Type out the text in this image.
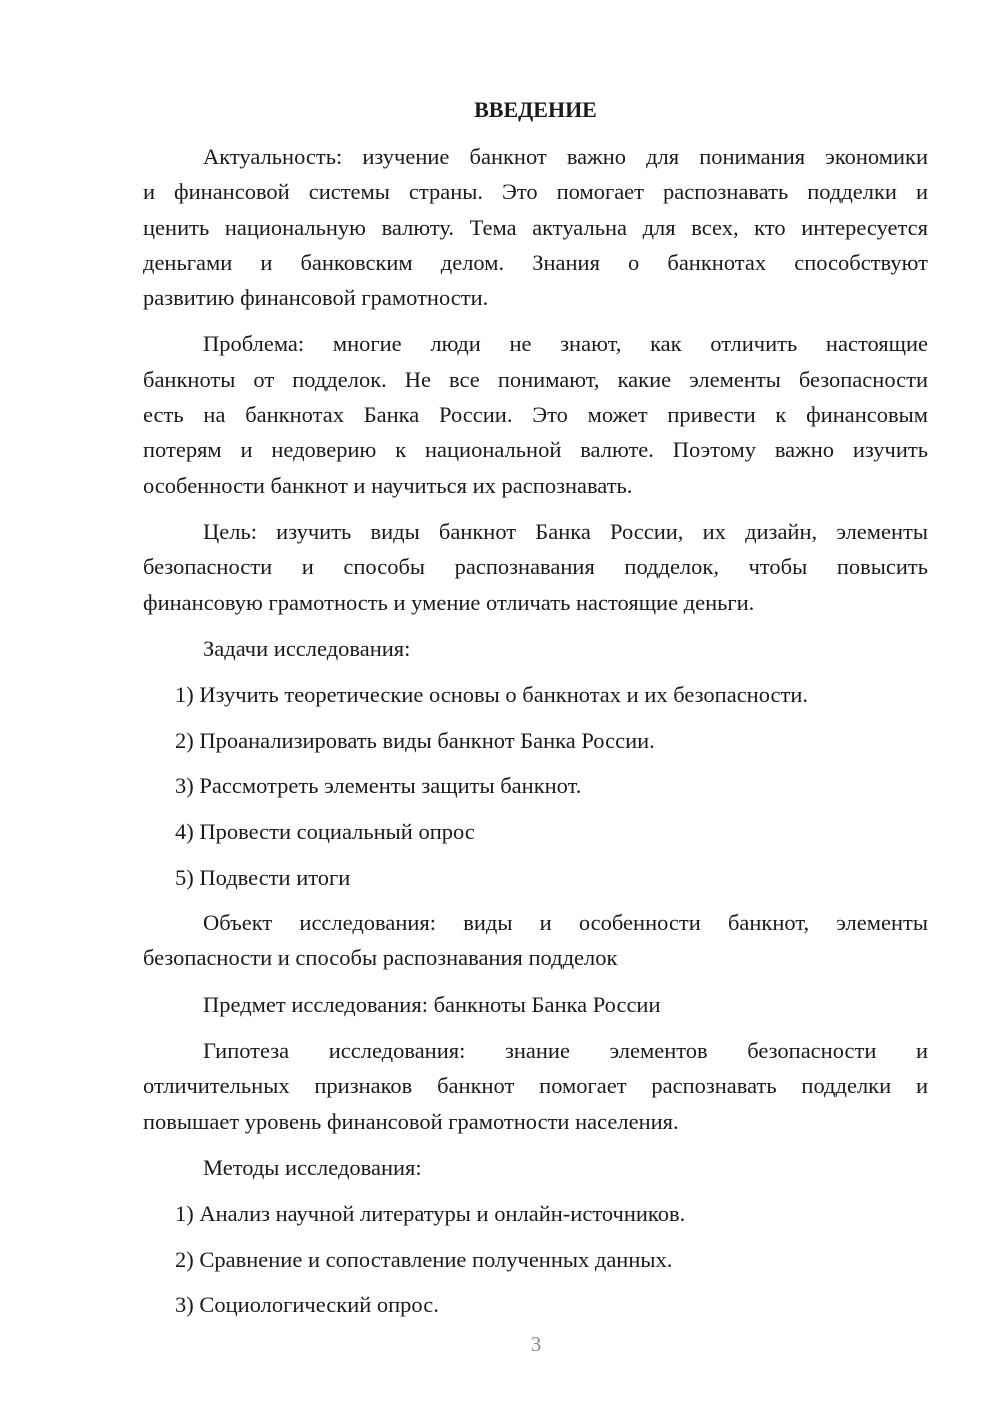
ВВЕДЕНИЕ
Актуальность: изучение банкнот важно для понимания экономики
и финансовой системы страны. Это помогает распознавать подделки и
ценить национальную валюту. Тема актуальна для всех, кто интересуется
деньгами и банковским делом. Знания о банкнотах способствуют
развитию финансовой грамотности.
Проблема: многие люди не знают, как отличить настоящие
банкноты от подделок. Не все понимают, какие элементы безопасности
есть на банкнотах Банка России. Это может привести к финансовым
потерям и недоверию к национальной валюте. Поэтому важно изучить
особенности банкнот и научиться их распознавать.
Цель: изучить виды банкнот Банка России, их дизайн, элементы
безопасности и способы распознавания подделок, чтобы повысить
финансовую грамотность и умение отличать настоящие деньги.
Задачи исследования:
1) Изучить теоретические основы о банкнотах и их безопасности.
2) Проанализировать виды банкнот Банка России.
3) Рассмотреть элементы защиты банкнот.
4) Провести социальный опрос
5) Подвести итоги
Объект исследования: виды и особенности банкнот, элементы
безопасности и способы распознавания подделок
Предмет исследования: банкноты Банка России
Гипотеза исследования: знание элементов безопасности и
отличительных признаков банкнот помогает распознавать подделки и
повышает уровень финансовой грамотности населения.
Методы исследования:
1) Анализ научной литературы и онлайн-источников.
2) Сравнение и сопоставление полученных данных.
3) Социологический опрос.
3
